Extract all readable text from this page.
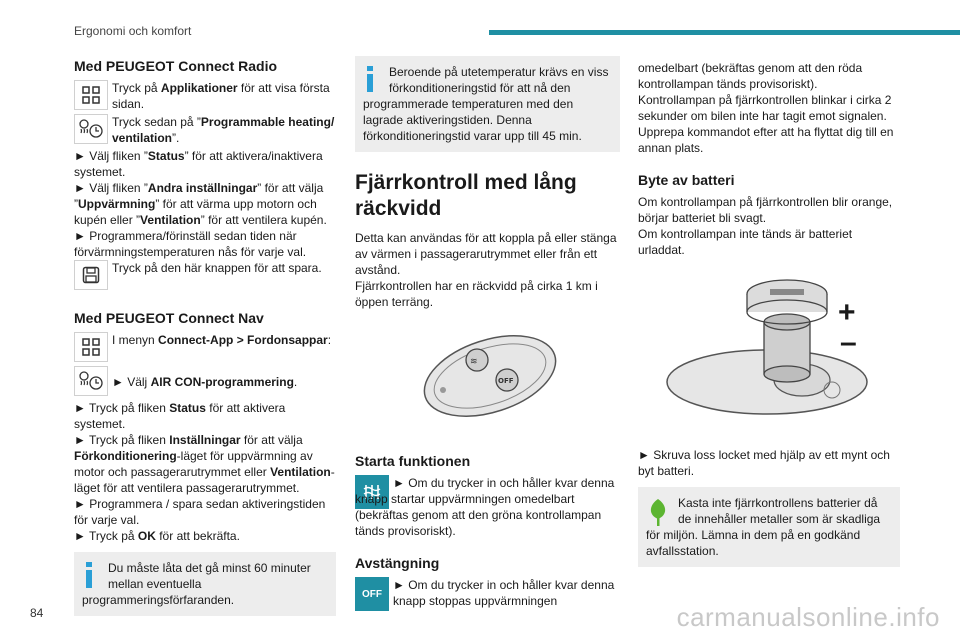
Ergonomi och komfort
Med PEUGEOT Connect Radio

Tryck på Applikationer för att visa första sidan.

Tryck sedan på ”Programmable heating/ ventilation”.

► Välj fliken ”Status” för att aktivera/inaktivera systemet.

► Välj fliken ”Andra inställningar” för att välja ”Uppvärmning” för att värma upp motorn och kupén eller ”Ventilation” för att ventilera kupén.

► Programmera/förinställ sedan tiden när förvärmningstemperaturen nås för varje val.

Tryck på den här knappen för att spara.

Med PEUGEOT Connect Nav

I menyn Connect-App > Fordonsappar:

► Välj AIR CON-programmering.

► Tryck på fliken Status för att aktivera systemet.

► Tryck på fliken Inställningar för att välja Förkonditionering-läget för uppvärmning av motor och passagerarutrymmet eller Ventilation-läget för att ventilera passagerarutrymmet.

► Programmera / spara sedan aktiveringstiden för varje val.

► Tryck på OK för att bekräfta.

Du måste låta det gå minst 60 minuter mellan eventuella programmeringsförfaranden.

Beroende på utetemperatur krävs en viss förkonditioneringstid för att nå den programmerade temperaturen med den lagrade aktiveringstiden. Denna förkonditioneringstid varar upp till 45 min.

Fjärrkontroll med lång räckvidd

Detta kan användas för att koppla på eller stänga av värmen i passagerarutrymmet eller från ett avstånd.

Fjärrkontrollen har en räckvidd på cirka 1 km i öppen terräng.

≋
OFF
Starta funktionen

► Om du trycker in och håller kvar denna knapp startar uppvärmningen omedelbart (bekräftas genom att den gröna kontrollampan tänds provisoriskt).

Avstängning
OFF

► Om du trycker in och håller kvar denna knapp stoppas uppvärmningen

omedelbart (bekräftas genom att den röda kontrollampan tänds provisoriskt).

Kontrollampan på fjärrkontrollen blinkar i cirka 2 sekunder om bilen inte har tagit emot signalen.

Upprepa kommandot efter att ha flyttat dig till en annan plats.

Byte av batteri

Om kontrollampan på fjärrkontrollen blir orange, börjar batteriet bli svagt.

Om kontrollampan inte tänds är batteriet urladdat.

+
–

► Skruva loss locket med hjälp av ett mynt och byt batteri.

Kasta inte fjärrkontrollens batterier då de innehåller metaller som är skadliga för miljön. Lämna in dem på en godkänd avfallsstation.

84	carmanualsonline.info
